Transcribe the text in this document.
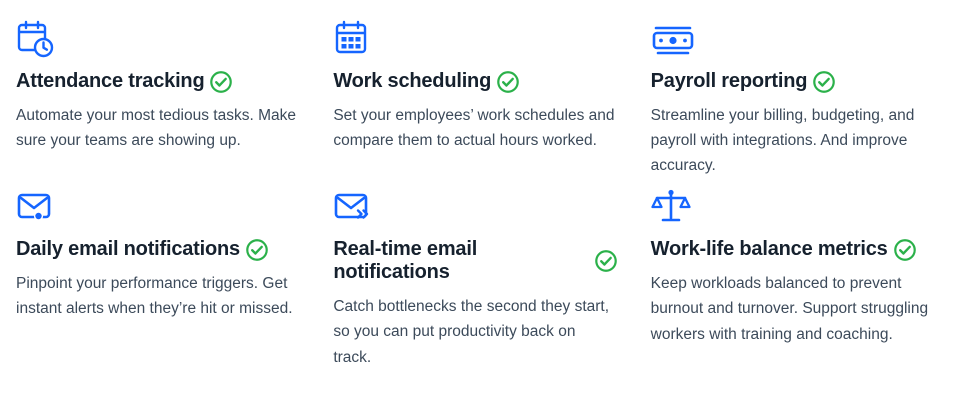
Attendance tracking
Automate your most tedious tasks. Make sure your teams are showing up.
Work scheduling
Set your employees’ work schedules and compare them to actual hours worked.
Payroll reporting
Streamline your billing, budgeting, and payroll with integrations. And improve accuracy.
Daily email notifications
Pinpoint your performance triggers. Get instant alerts when they’re hit or missed.
Real-time email notifications
Catch bottlenecks the second they start, so you can put productivity back on track.
Work-life balance metrics
Keep workloads balanced to prevent burnout and turnover. Support struggling workers with training and coaching.
